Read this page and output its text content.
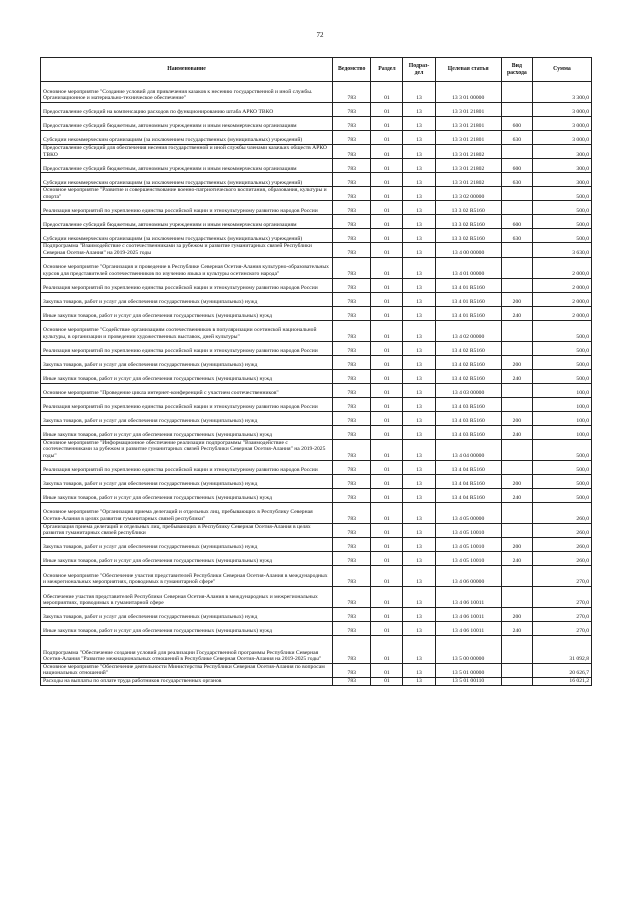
72
Наименование	Ведомство	Раздел	Подраз-дел	Целевая статья	Вид расхода	Сумма
Основное мероприятие "Создание условий для привлечения казаков к несению государственной и иной службы. Организационное и материально-техническое обеспечение"	783	01	13	13 3 01 00000		3 300,0
Предоставление субсидий на компенсацию расходов по функционированию штаба АРКО ТВКО	783	01	13	13 3 01 21801		3 000,0
Предоставление субсидий бюджетным, автономным учреждениям и иным некоммерческим организациям	783	01	13	13 3 01 21801	600	3 000,0
Субсидии некоммерческим организациям (за исключением государственных (муниципальных) учреждений)	783	01	13	13 3 01 21801	630	3 000,0
Предоставление субсидий для обеспечения несения государственной и иной службы членами казачьих обществ АРКО ТВКО	783	01	13	13 3 01 21802		300,0
Предоставление субсидий бюджетным, автономным учреждениям и иным некоммерческим организациям	783	01	13	13 3 01 21802	600	300,0
Субсидии некоммерческим организациям (за исключением государственных (муниципальных) учреждений)	783	01	13	13 3 01 21802	630	300,0
Основное мероприятие "Развитие и совершенствование военно-патриотического воспитания, образования, культуры и спорта"	783	01	13	13 3 02 00000		500,0
Реализация мероприятий по укреплению единства российской нации и этнокультурному развитию народов России	783	01	13	13 3 02 R5160		500,0
Предоставление субсидий бюджетным, автономным учреждениям и иным некоммерческим организациям	783	01	13	13 3 02 R5160	600	500,0
Субсидии некоммерческим организациям (за исключением государственных (муниципальных) учреждений)	783	01	13	13 3 02 R5160	630	500,0
Подпрограмма "Взаимодействие с соотечественниками за рубежом и развитие гуманитарных связей Республики Северная Осетия-Алания" на 2019-2025 годы	783	01	13	13 4 00 00000		3 630,0
Основное мероприятие "Организация и проведение в Республике Северная Осетия-Алания культурно-образовательных курсов для представителей соотечественников по изучению языка и культуры осетинского народа"	783	01	13	13 4 01 00000		2 000,0
Реализация мероприятий по укреплению единства российской нации и этнокультурному развитию народов России	783	01	13	13 4 01 R5160		2 000,0
Закупка товаров, работ и услуг для обеспечения государственных (муниципальных) нужд	783	01	13	13 4 01 R5160	200	2 000,0
Иные закупки товаров, работ и услуг для обеспечения государственных (муниципальных) нужд	783	01	13	13 4 01 R5160	240	2 000,0
Основное мероприятие "Содействие организациям соотечественников в популяризации осетинской национальной культуры, в организации и проведении художественных выставок, дней культуры"	783	01	13	13 4 02 00000		500,0
Реализация мероприятий по укреплению единства российской нации и этнокультурному развитию народов России	783	01	13	13 4 02 R5160		500,0
Закупка товаров, работ и услуг для обеспечения государственных (муниципальных) нужд	783	01	13	13 4 02 R5160	200	500,0
Иные закупки товаров, работ и услуг для обеспечения государственных (муниципальных) нужд	783	01	13	13 4 02 R5160	240	500,0
Основное мероприятие "Проведение цикла интернет-конференций с участием соотечественников"	783	01	13	13 4 03 00000		100,0
Реализация мероприятий по укреплению единства российской нации и этнокультурному развитию народов России	783	01	13	13 4 03 R5160		100,0
Закупка товаров, работ и услуг для обеспечения государственных (муниципальных) нужд	783	01	13	13 4 03 R5160	200	100,0
Иные закупки товаров, работ и услуг для обеспечения государственных (муниципальных) нужд	783	01	13	13 4 03 R5160	240	100,0
Основное мероприятие "Информационное обеспечение реализации подпрограммы "Взаимодействие с соотечественниками за рубежом и развитие гуманитарных связей Республики Северная Осетия-Алания" на 2019-2025 годы"	783	01	13	13 4 04 00000		500,0
Реализация мероприятий по укреплению единства российской нации и этнокультурному развитию народов России	783	01	13	13 4 04 R5160		500,0
Закупка товаров, работ и услуг для обеспечения государственных (муниципальных) нужд	783	01	13	13 4 04 R5160	200	500,0
Иные закупки товаров, работ и услуг для обеспечения государственных (муниципальных) нужд	783	01	13	13 4 04 R5160	240	500,0
Основное мероприятие "Организация приема делегаций и отдельных лиц, пребывающих в Республику Северная Осетия-Алания в целях развития гуманитарных связей республики"	783	01	13	13 4 05 00000		260,0
Организация приема делегаций и отдельных лиц, пребывающих в Республику Северная Осетия-Алания в целях развития гуманитарных связей республики	783	01	13	13 4 05 10010		260,0
Закупка товаров, работ и услуг для обеспечения государственных (муниципальных) нужд	783	01	13	13 4 05 10010	200	260,0
Иные закупки товаров, работ и услуг для обеспечения государственных (муниципальных) нужд	783	01	13	13 4 05 10010	240	260,0
Основное мероприятие "Обеспечение участия представителей Республики Северная Осетия-Алания в международных и межрегиональных мероприятиях, проводимых в гуманитарной сфере"	783	01	13	13 4 06 00000		270,0
Обеспечение участия представителей Республики Северная Осетия-Алания в международных и межрегиональных мероприятиях, проводимых в гуманитарной сфере	783	01	13	13 4 06 10011		270,0
Закупка товаров, работ и услуг для обеспечения государственных (муниципальных) нужд	783	01	13	13 4 06 10011	200	270,0
Иные закупки товаров, работ и услуг для обеспечения государственных (муниципальных) нужд	783	01	13	13 4 06 10011	240	270,0
Подпрограмма "Обеспечение создания условий для реализации Государственной программы Республики Северная Осетия-Алания "Развитие межнациональных отношений в Республике Северная Осетия-Алания на 2019-2025 годы"	783	01	13	13 5 00 00000		31 092,8
Основное мероприятие "Обеспечение деятельности Министерства Республики Северная Осетия-Алания по вопросам национальных отношений"	783	01	13	13 5 01 00000		20 626,7
Расходы на выплаты по оплате труда работников государственных органов	783	01	13	13 5 01 00110		16 021,2
